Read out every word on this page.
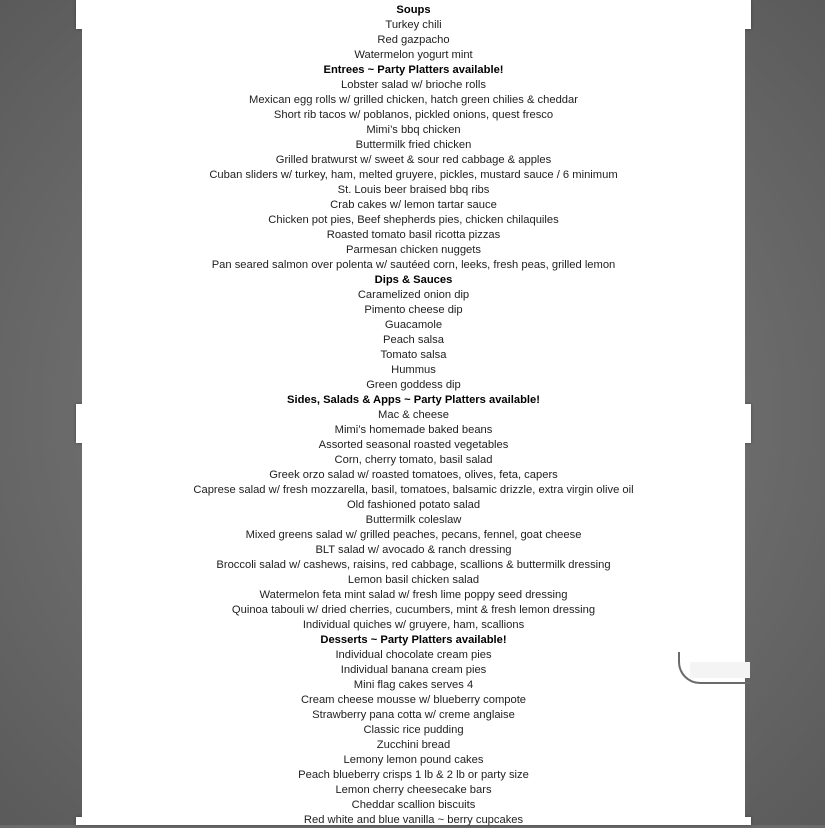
Soups
Turkey chili
Red gazpacho
Watermelon yogurt mint
Entrees ~ Party Platters available!
Lobster salad w/ brioche rolls
Mexican egg rolls w/ grilled chicken, hatch green chilies & cheddar
Short rib tacos w/ poblanos, pickled onions, quest fresco
Mimi’s bbq chicken
Buttermilk fried chicken
Grilled bratwurst w/ sweet & sour red cabbage & apples
Cuban sliders w/ turkey, ham, melted gruyere, pickles, mustard sauce / 6 minimum
St. Louis beer braised bbq ribs
Crab cakes w/ lemon tartar sauce
Chicken pot pies, Beef shepherds pies, chicken chilaquiles
Roasted tomato basil ricotta pizzas
Parmesan chicken nuggets
Pan seared salmon over polenta w/ sautéed corn, leeks, fresh peas, grilled lemon
Dips & Sauces
Caramelized onion dip
Pimento cheese dip
Guacamole
Peach salsa
Tomato salsa
Hummus
Green goddess dip
Sides, Salads & Apps ~ Party Platters available!
Mac & cheese
Mimi’s homemade baked beans
Assorted seasonal roasted vegetables
Corn, cherry tomato, basil salad
Greek orzo salad w/ roasted tomatoes, olives, feta, capers
Caprese salad w/ fresh mozzarella, basil, tomatoes, balsamic drizzle, extra virgin olive oil
Old fashioned potato salad
Buttermilk coleslaw
Mixed greens salad w/ grilled peaches, pecans, fennel, goat cheese
BLT salad w/ avocado & ranch dressing
Broccoli salad w/ cashews, raisins, red cabbage, scallions & buttermilk dressing
Lemon basil chicken salad
Watermelon feta mint salad w/ fresh lime poppy seed dressing
Quinoa tabouli w/ dried cherries, cucumbers, mint & fresh lemon dressing
Individual quiches w/ gruyere, ham, scallions
Desserts ~ Party Platters available!
Individual chocolate cream pies
Individual banana cream pies
Mini flag cakes serves 4
Cream cheese mousse w/ blueberry compote
Strawberry pana cotta w/ creme anglaise
Classic rice pudding
Zucchini bread
Lemony lemon pound cakes
Peach blueberry crisps 1 lb & 2 lb or party size
Lemon cherry cheesecake bars
Cheddar scallion biscuits
Red white and blue vanilla ~ berry cupcakes
